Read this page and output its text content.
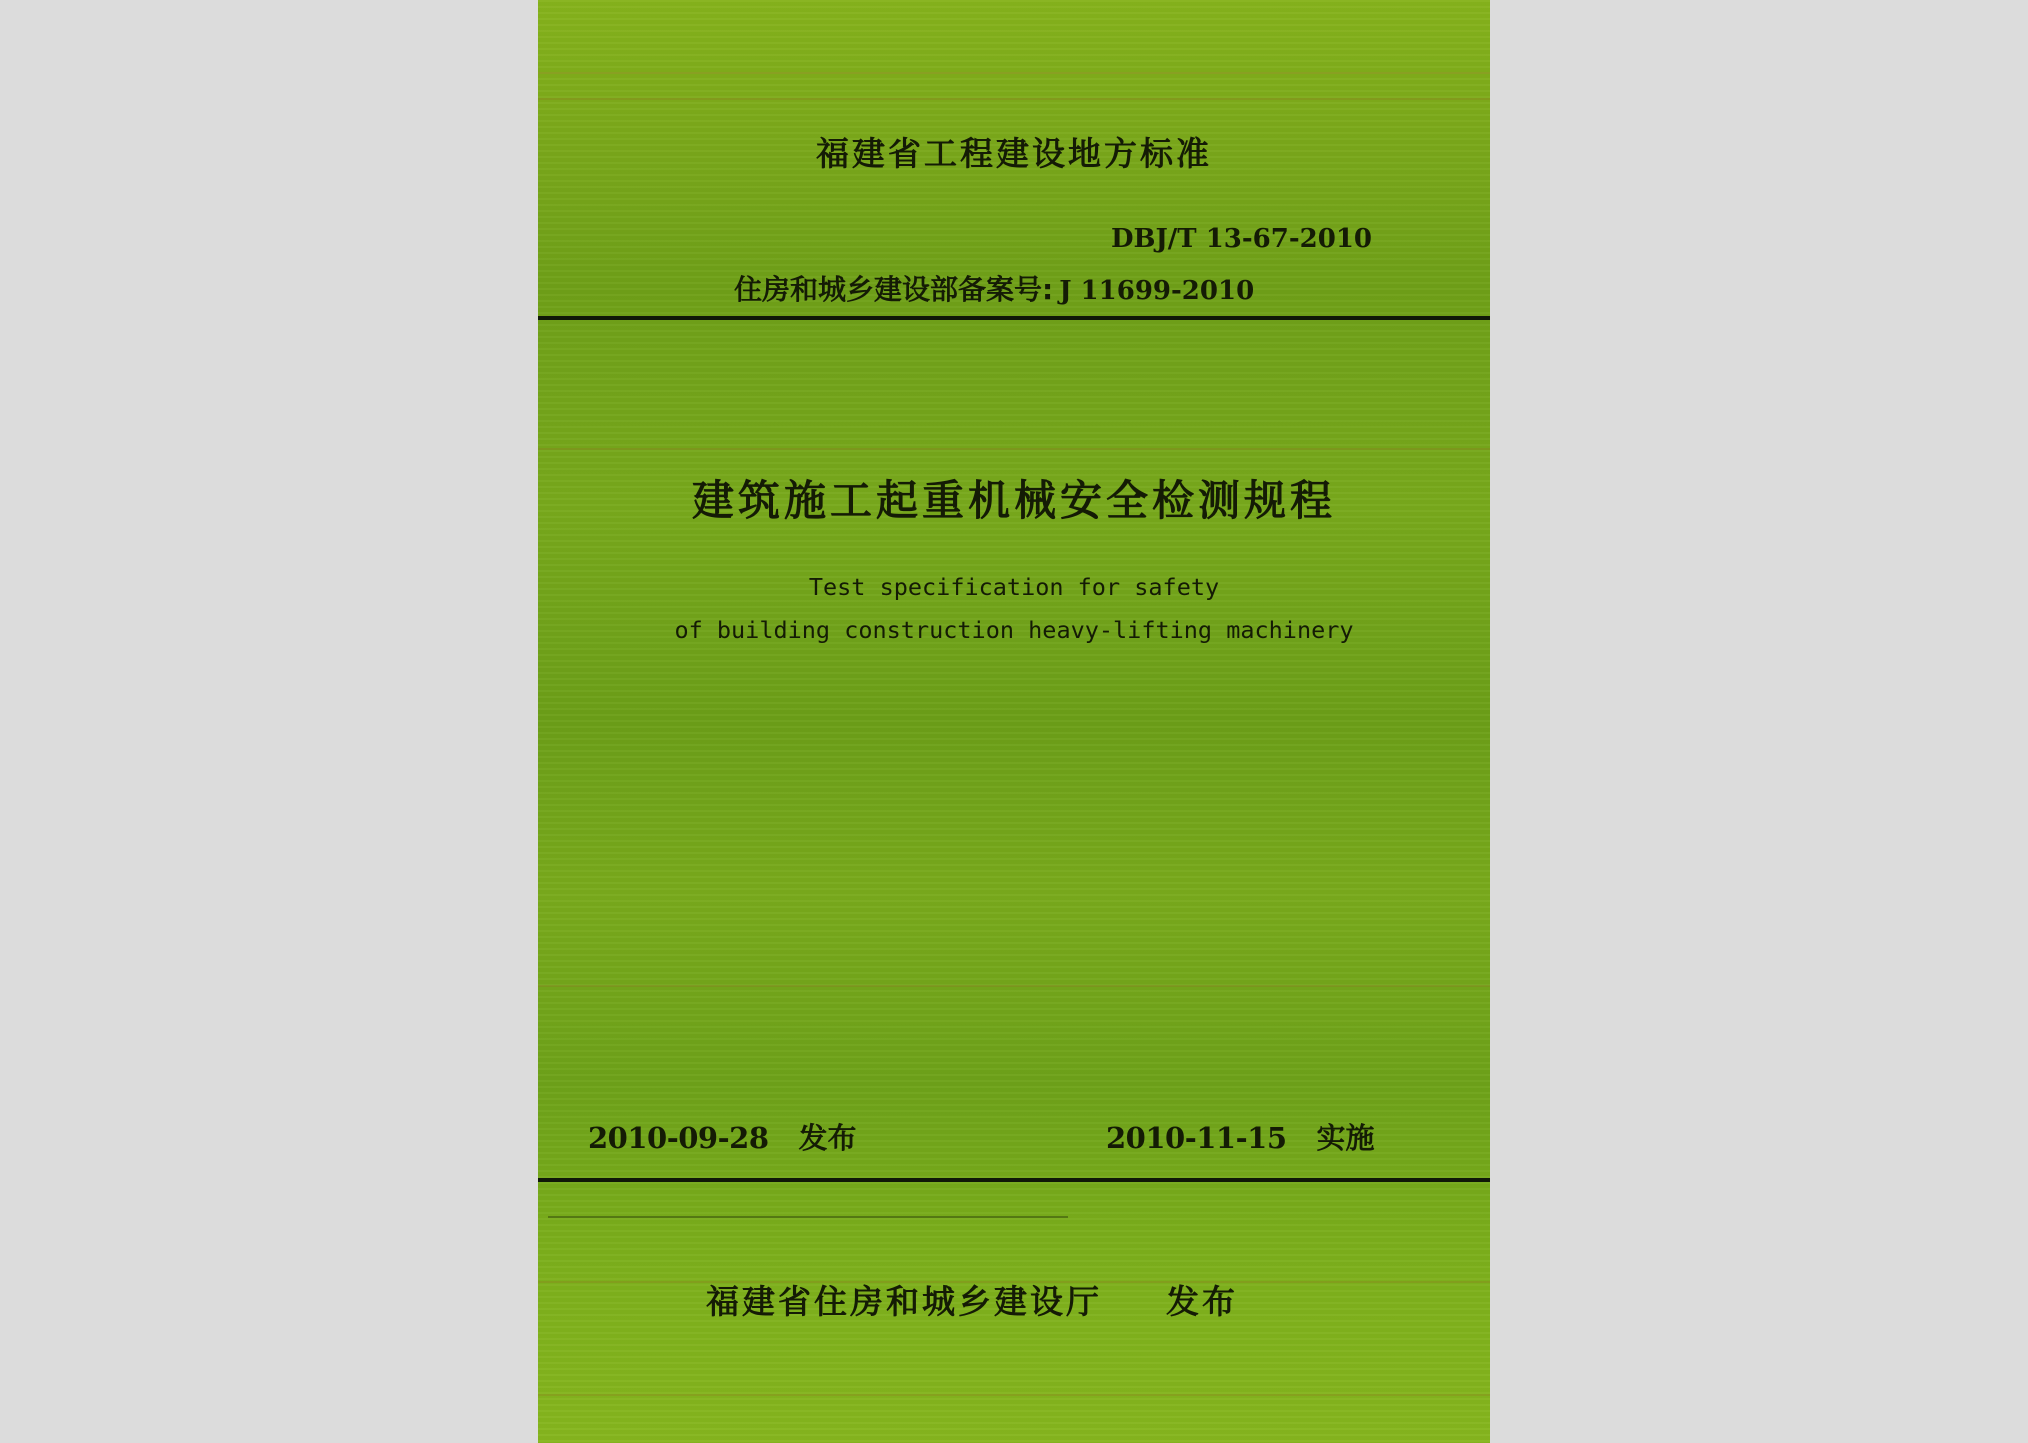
福建省工程建设地方标准
DBJ/T 13-67-2010
住房和城乡建设部备案号: J 11699-2010
建筑施工起重机械安全检测规程
Test specification for safety
of building construction heavy-lifting machinery
2010-09-28 发布	2010-11-15 实施
福建省住房和城乡建设厅 发布
